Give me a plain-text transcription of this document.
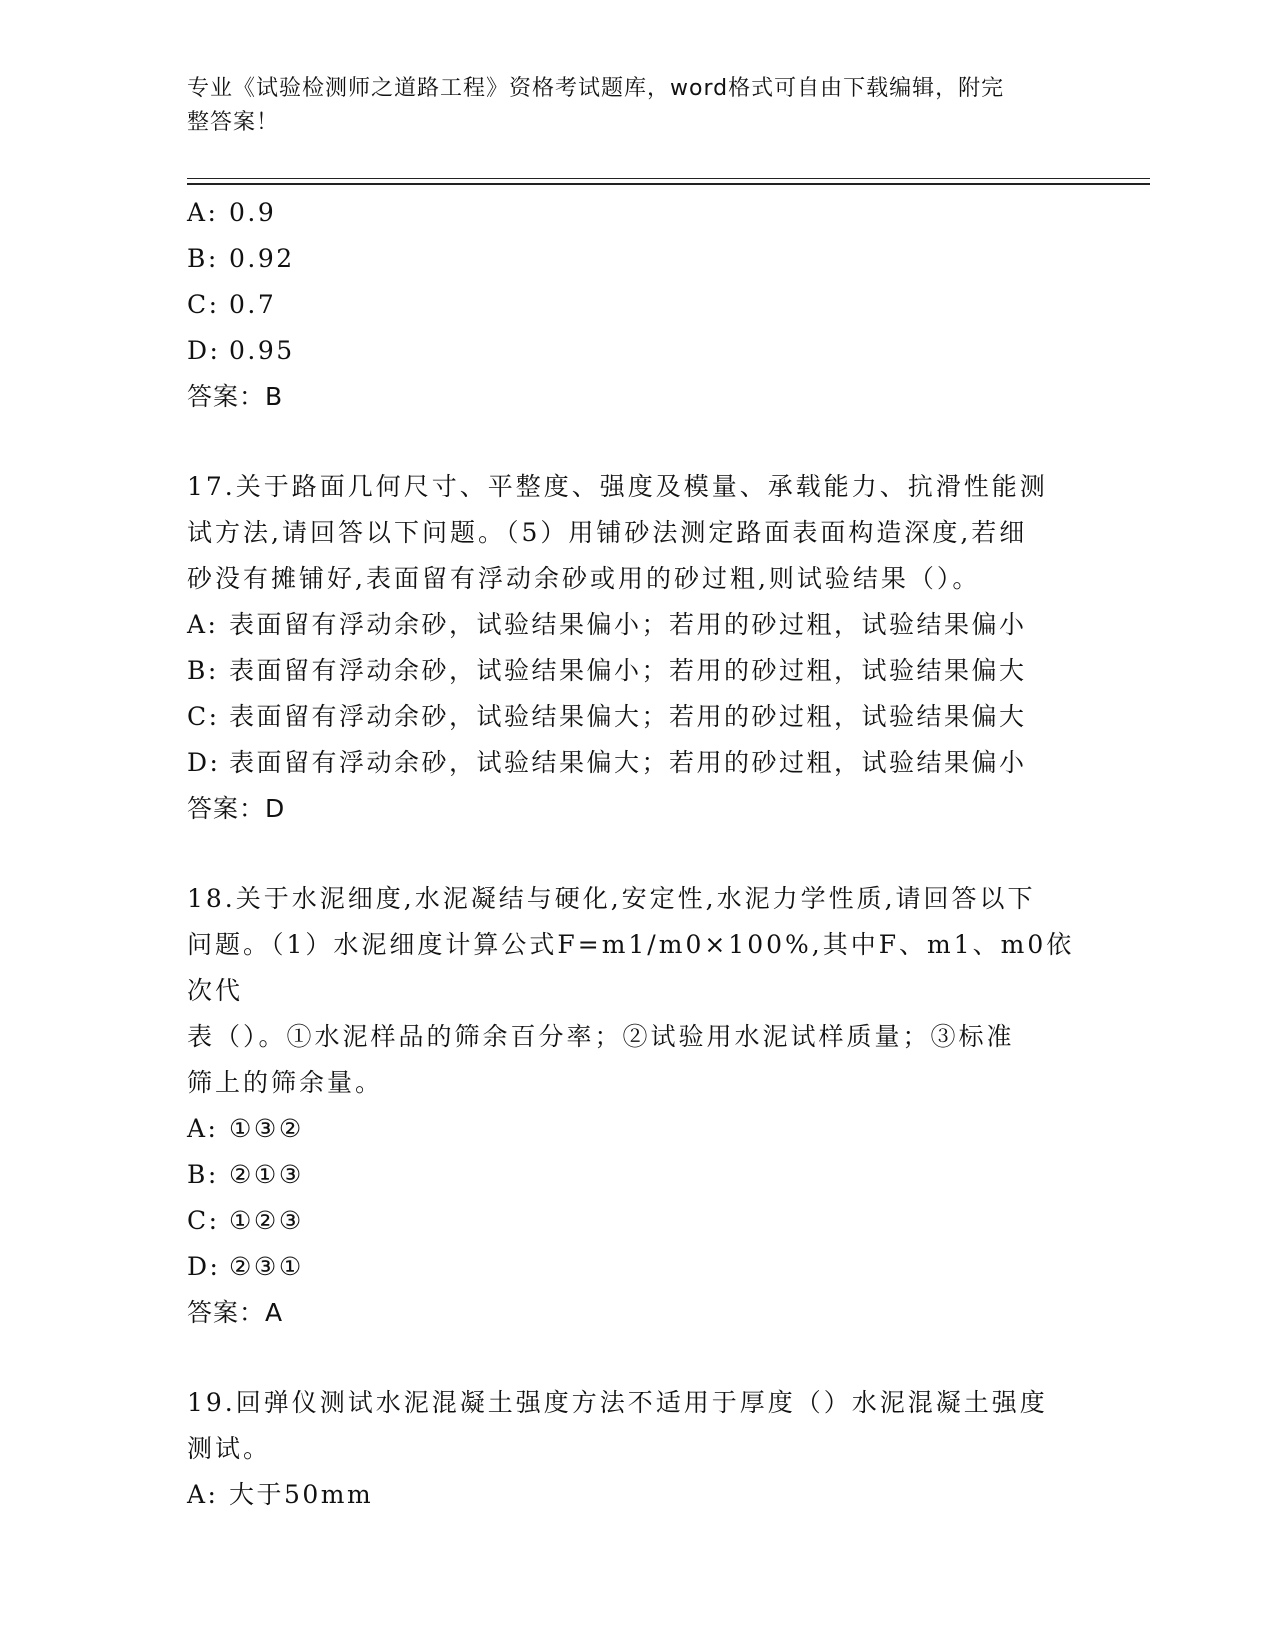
专业《试验检测师之道路工程》资格考试题库，word格式可自由下载编辑，附完
整答案！
A: 0.9
B: 0.92
C: 0.7
D: 0.95
答案：B
17.关于路面几何尺寸、平整度、强度及模量、承载能力、抗滑性能测
试方法,请回答以下问题。（5）用铺砂法测定路面表面构造深度,若细
砂没有摊铺好,表面留有浮动余砂或用的砂过粗,则试验结果（）。
A: 表面留有浮动余砂，试验结果偏小；若用的砂过粗，试验结果偏小
B: 表面留有浮动余砂，试验结果偏小；若用的砂过粗，试验结果偏大
C: 表面留有浮动余砂，试验结果偏大；若用的砂过粗，试验结果偏大
D: 表面留有浮动余砂，试验结果偏大；若用的砂过粗，试验结果偏小
答案：D
18.关于水泥细度,水泥凝结与硬化,安定性,水泥力学性质,请回答以下
问题。（1）水泥细度计算公式F=m1/m0×100%,其中F、m1、m0依次代
表（）。①水泥样品的筛余百分率；②试验用水泥试样质量；③标准
筛上的筛余量。
A: ①③②
B: ②①③
C: ①②③
D: ②③①
答案：A
19.回弹仪测试水泥混凝土强度方法不适用于厚度（）水泥混凝土强度
测试。
A: 大于50mm
